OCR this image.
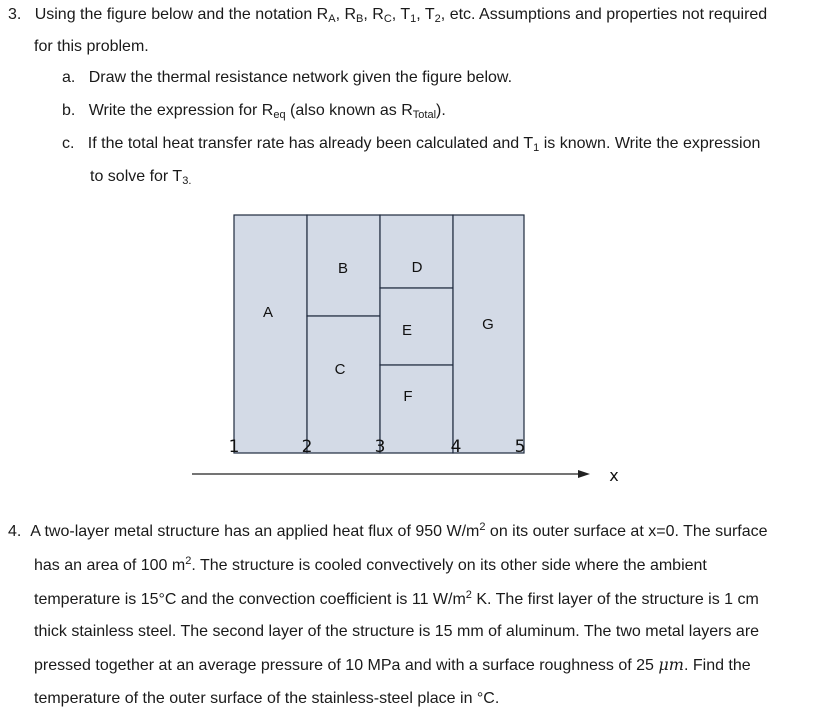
3. Using the figure below and the notation $R_A$, $R_B$, $R_C$, $T_1$, $T_2$, etc. Assumptions and properties not required
for this problem.
a. Draw the thermal resistance network given the figure below.
b. Write the expression for $R_{eq}$ (also known as $R_{Total}$).
c. If the total heat transfer rate has already been calculated and $T_1$ is known. Write the expression
to solve for $T_{3.}$
A
B
C
D
E
F
G
1	2	3	4	5
x
4. A two-layer metal structure has an applied heat flux of 950 $W/m^2$ on its outer surface at x=0. The surface
has an area of 100 $m^2$. The structure is cooled convectively on its other side where the ambient
temperature is 15°C and the convection coefficient is 11 $W/m^2$ K. The first layer of the structure is 1 cm
thick stainless steel. The second layer of the structure is 15 mm of aluminum. The two metal layers are
pressed together at an average pressure of 10 MPa and with a surface roughness of 25 μm. Find the
temperature of the outer surface of the stainless-steel place in °C.
